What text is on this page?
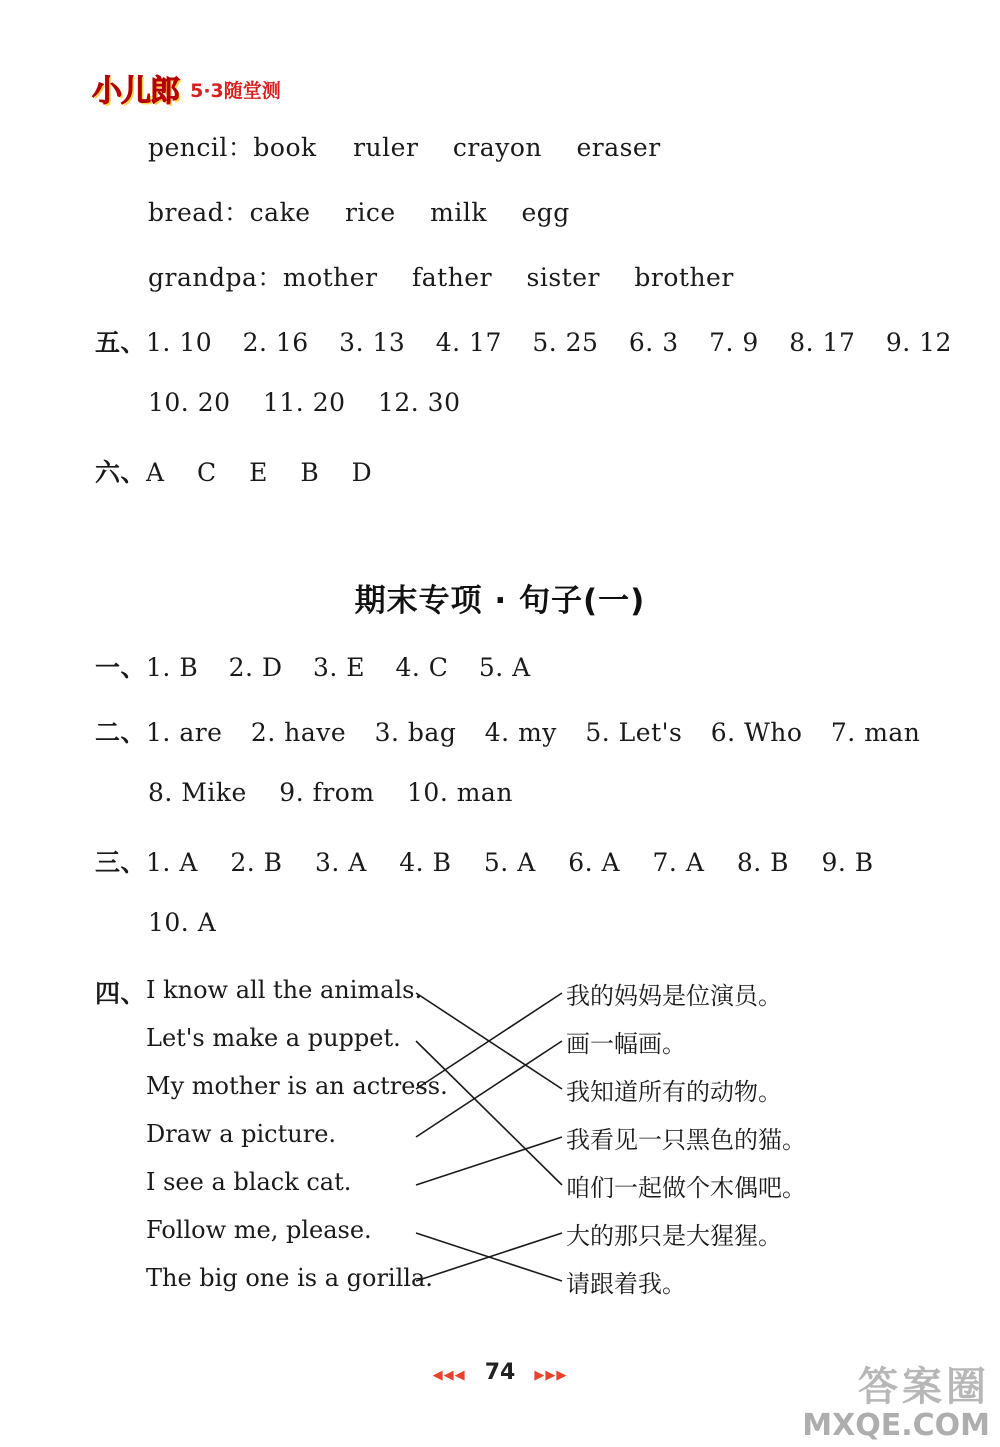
小儿郎 5·3随堂测
pencil：book ruler crayon eraser
bread：cake rice milk egg
grandpa：mother father sister brother
五、1. 10 2. 16 3. 13 4. 17 5. 25 6. 3 7. 9 8. 17 9. 12
10. 20 11. 20 12. 30
六、A C E B D
期末专项 · 句子(一)
一、1. B 2. D 3. E 4. C 5. A
二、1. are 2. have 3. bag 4. my 5. Let's 6. Who 7. man
8. Mike 9. from 10. man
三、1. A 2. B 3. A 4. B 5. A 6. A 7. A 8. B 9. B
10. A
四、 I know all the animals.
Let's make a puppet.
My mother is an actress.
Draw a picture.
I see a black cat.
Follow me, please.
The big one is a gorilla.
我的妈妈是位演员。
画一幅画。
我知道所有的动物。
我看见一只黑色的猫。
咱们一起做个木偶吧。
大的那只是大猩猩。
请跟着我。
◀◀◀ 74 ▶▶▶	答案圈
MXQE.COM
